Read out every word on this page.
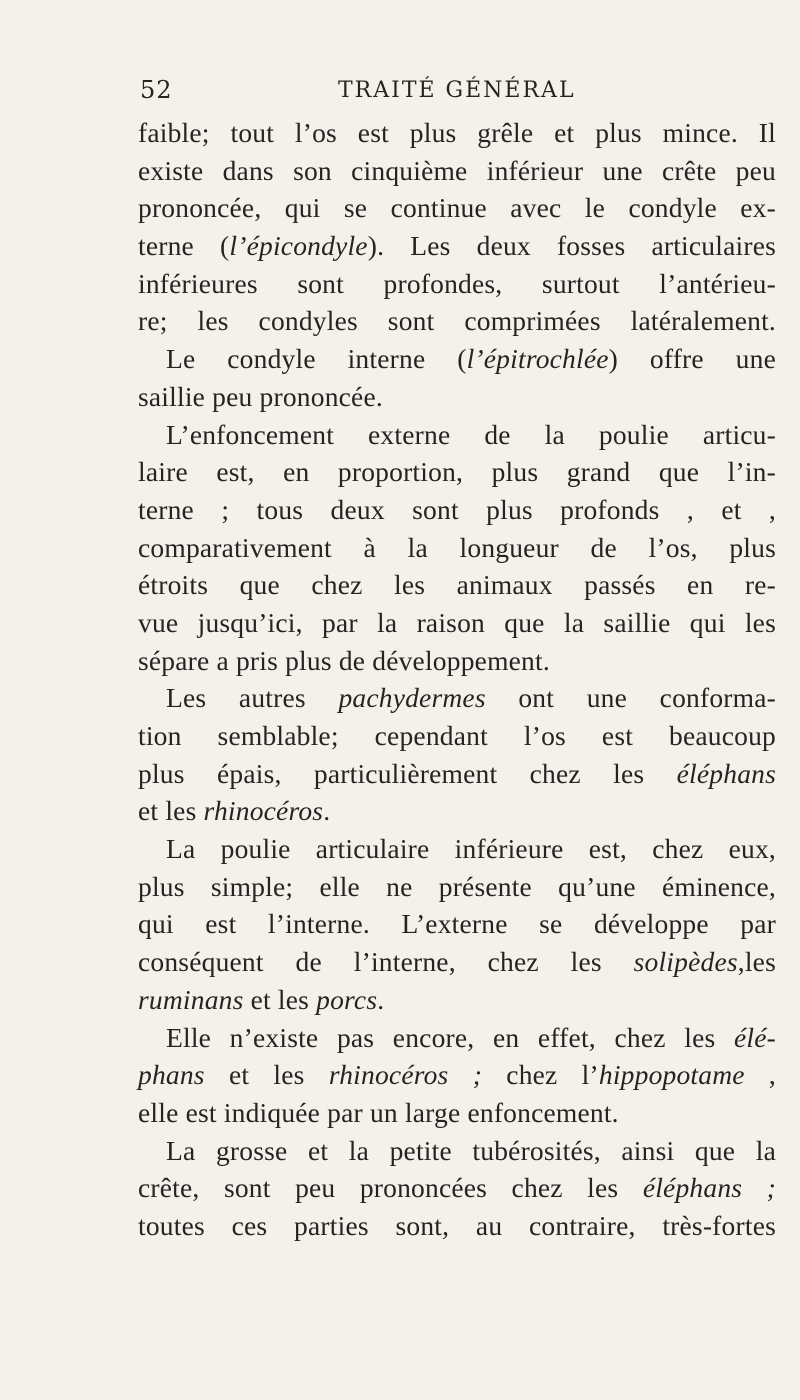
52	TRAITÉ GÉNÉRAL
faible; tout l’os est plus grêle et plus mince. Il
existe dans son cinquième inférieur une crête peu
prononcée, qui se continue avec le condyle ex-
terne (l’épicondyle). Les deux fosses articulaires
inférieures sont profondes, surtout l’antérieu-
re; les condyles sont comprimées latéralement.
Le condyle interne (l’épitrochlée) offre une
saillie peu prononcée.
L’enfoncement externe de la poulie articu-
laire est, en proportion, plus grand que l’in-
terne ; tous deux sont plus profonds , et ,
comparativement à la longueur de l’os, plus
étroits que chez les animaux passés en re-
vue jusqu’ici, par la raison que la saillie qui les
sépare a pris plus de développement.
Les autres pachydermes ont une conforma-
tion semblable; cependant l’os est beaucoup
plus épais, particulièrement chez les éléphans
et les rhinocéros.
La poulie articulaire inférieure est, chez eux,
plus simple; elle ne présente qu’une éminence,
qui est l’interne. L’externe se développe par
conséquent de l’interne, chez les solipèdes,les
ruminans et les porcs.
Elle n’existe pas encore, en effet, chez les élé-
phans et les rhinocéros ; chez l’hippopotame ,
elle est indiquée par un large enfoncement.
La grosse et la petite tubérosités, ainsi que la
crête, sont peu prononcées chez les éléphans ;
toutes ces parties sont, au contraire, très-fortes
